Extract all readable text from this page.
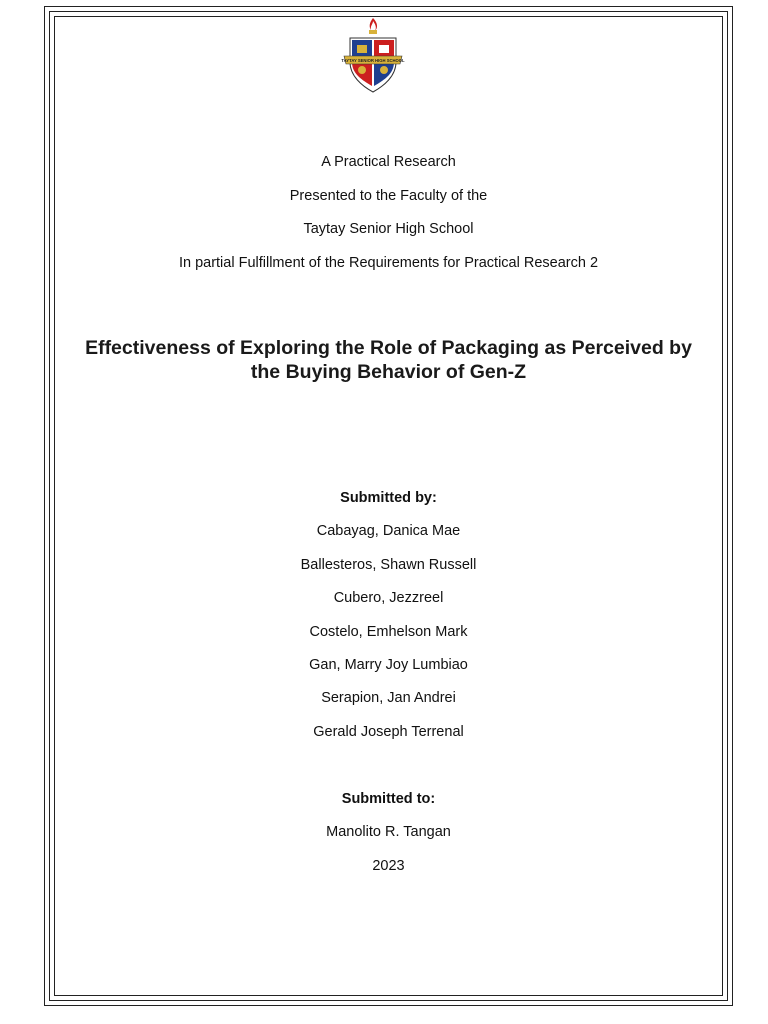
TAYTAY SENIOR HIGH SCHOOL
A Practical Research
Presented to the Faculty of the
Taytay Senior High School
In partial Fulfillment of the Requirements for Practical Research 2
Effectiveness of Exploring the Role of Packaging as Perceived by
the Buying Behavior of Gen-Z
Submitted by:
Cabayag, Danica Mae
Ballesteros, Shawn Russell
Cubero, Jezzreel
Costelo, Emhelson Mark
Gan, Marry Joy Lumbiao
Serapion, Jan Andrei
Gerald Joseph Terrenal
Submitted to:
Manolito R. Tangan
2023
